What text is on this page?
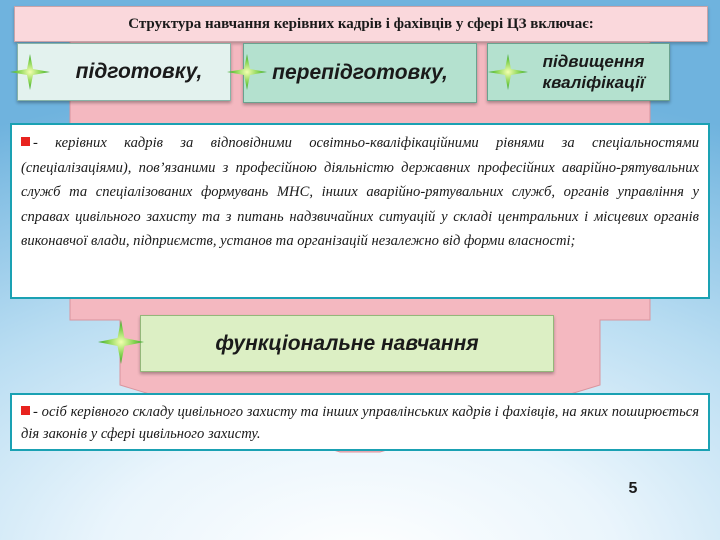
Структура навчання керівних кадрів і фахівців у сфері ЦЗ включає:
підготовку,	перепідготовку,	підвищення
кваліфікації
- керівних кадрів за відповідними освітньо-кваліфікаційними рівнями за спеціальностями (спеціалізаціями), пов’язаними з професійною діяльністю державних професійних аварійно-рятувальних служб та спеціалізованих формувань МНС, інших аварійно-рятувальних служб, органів управління у справах цивільного захисту та з питань надзвичайних ситуацій у складі центральних і місцевих органів виконавчої влади, підприємств, установ та організацій незалежно від форми власності;
функціональне навчання
- осіб керівного складу цивільного захисту та інших управлінських кадрів і фахівців, на яких поширюється дія законів у сфері цивільного захисту.
5
